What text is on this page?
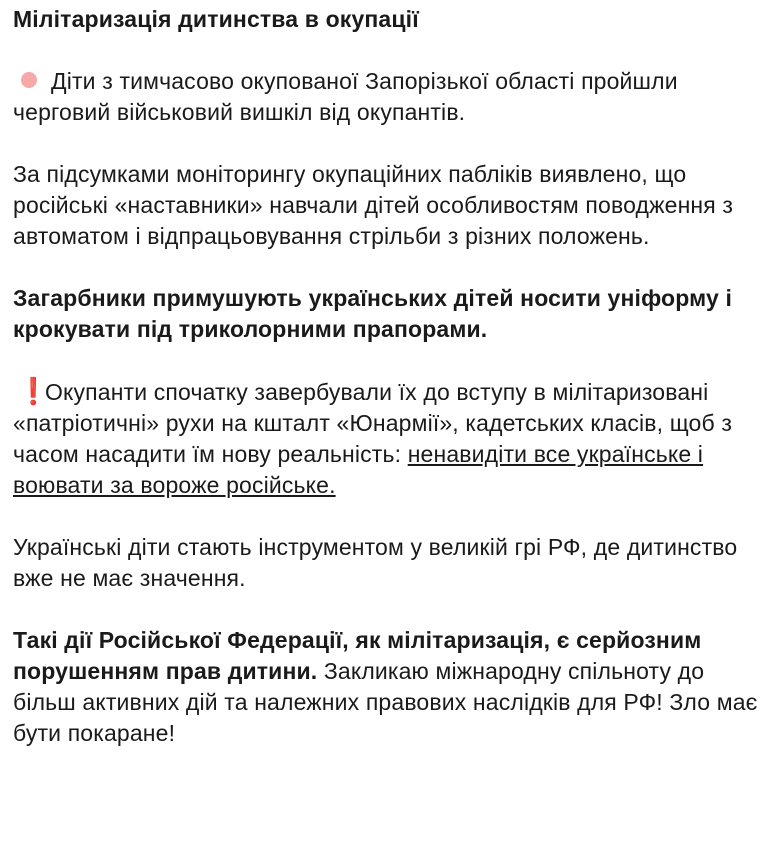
Мілітаризація дитинства в окупації
Діти з тимчасово окупованої Запорізької області пройшли черговий військовий вишкіл від окупантів.
За підсумками моніторингу окупаційних пабліків виявлено, що російські «наставники» навчали дітей особливостям поводження з автоматом і відпрацьовування стрільби з різних положень.
Загарбники примушують українських дітей носити уніформу і крокувати під триколорними прапорами.
❗Окупанти спочатку завербували їх до вступу в мілітаризовані «патріотичні» рухи на кшталт «Юнармії», кадетських класів, щоб з часом насадити їм нову реальність: ненавидіти все українське і воювати за вороже російське.
Українські діти стають інструментом у великій грі РФ, де дитинство вже не має значення.
Такі дії Російської Федерації, як мілітаризація, є серйозним порушенням прав дитини. Закликаю міжнародну спільноту до більш активних дій та належних правових наслідків для РФ! Зло має бути покаране!
